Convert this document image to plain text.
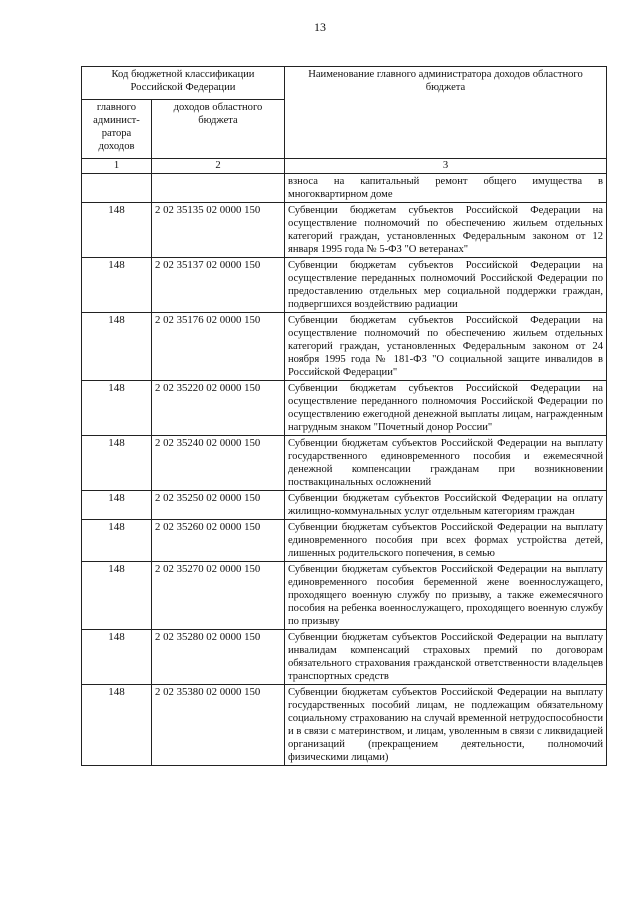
13
Код бюджетной классификации Российской Федерации		Наименование главного администратора доходов областного бюджета
главного админист-ратора доходов	доходов областного бюджета	
1	2	3
		взноса на капитальный ремонт общего имущества в многоквартирном доме
148	2 02 35135 02 0000 150	Субвенции бюджетам субъектов Российской Федерации на осуществление полномочий по обеспечению жильем отдельных категорий граждан, установленных Федеральным законом от 12 января 1995 года № 5-ФЗ "О ветеранах"
148	2 02 35137 02 0000 150	Субвенции бюджетам субъектов Российской Федерации на осуществление переданных полномочий Российской Федерации по предоставлению отдельных мер социальной поддержки граждан, подвергшихся воздействию радиации
148	2 02 35176 02 0000 150	Субвенции бюджетам субъектов Российской Федерации на осуществление полномочий по обеспечению жильем отдельных категорий граждан, установленных Федеральным законом от 24 ноября 1995 года № 181-ФЗ "О социальной защите инвалидов в Российской Федерации"
148	2 02 35220 02 0000 150	Субвенции бюджетам субъектов Российской Федерации на осуществление переданного полномочия Российской Федерации по осуществлению ежегодной денежной выплаты лицам, награжденным нагрудным знаком "Почетный донор России"
148	2 02 35240 02 0000 150	Субвенции бюджетам субъектов Российской Федерации на выплату государственного единовременного пособия и ежемесячной денежной компенсации гражданам при возникновении поствакцинальных осложнений
148	2 02 35250 02 0000 150	Субвенции бюджетам субъектов Российской Федерации на оплату жилищно-коммунальных услуг отдельным категориям граждан
148	2 02 35260 02 0000 150	Субвенции бюджетам субъектов Российской Федерации на выплату единовременного пособия при всех формах устройства детей, лишенных родительского попечения, в семью
148	2 02 35270 02 0000 150	Субвенции бюджетам субъектов Российской Федерации на выплату единовременного пособия беременной жене военнослужащего, проходящего военную службу по призыву, а также ежемесячного пособия на ребенка военнослужащего, проходящего военную службу по призыву
148	2 02 35280 02 0000 150	Субвенции бюджетам субъектов Российской Федерации на выплату инвалидам компенсаций страховых премий по договорам обязательного страхования гражданской ответственности владельцев транспортных средств
148	2 02 35380 02 0000 150	Субвенции бюджетам субъектов Российской Федерации на выплату государственных пособий лицам, не подлежащим обязательному социальному страхованию на случай временной нетрудоспособности и в связи с материнством, и лицам, уволенным в связи с ликвидацией организаций (прекращением деятельности, полномочий физическими лицами)
